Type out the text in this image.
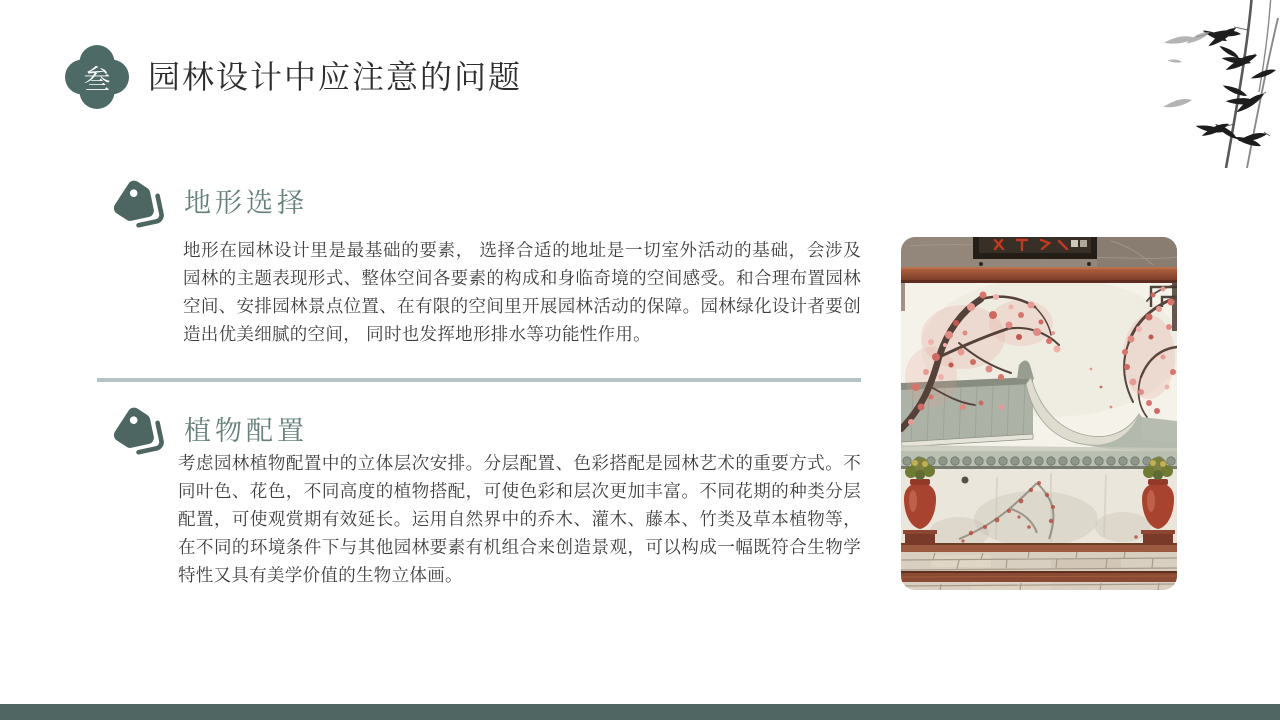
叁	园林设计中应注意的问题
地形选择
地形在园林设计里是最基础的要素， 选择合适的地址是一切室外活动的基础，会涉及园林的主题表现形式、整体空间各要素的构成和身临奇境的空间感受。和合理布置园林空间、安排园林景点位置、在有限的空间里开展园林活动的保障。园林绿化设计者要创造出优美细腻的空间， 同时也发挥地形排水等功能性作用。
植物配置
考虑园林植物配置中的立体层次安排。分层配置、色彩搭配是园林艺术的重要方式。不同叶色、花色，不同高度的植物搭配，可使色彩和层次更加丰富。不同花期的种类分层配置，可使观赏期有效延长。运用自然界中的乔木、灌木、藤本、竹类及草本植物等，在不同的环境条件下与其他园林要素有机组合来创造景观，可以构成一幅既符合生物学特性又具有美学价值的生物立体画。
